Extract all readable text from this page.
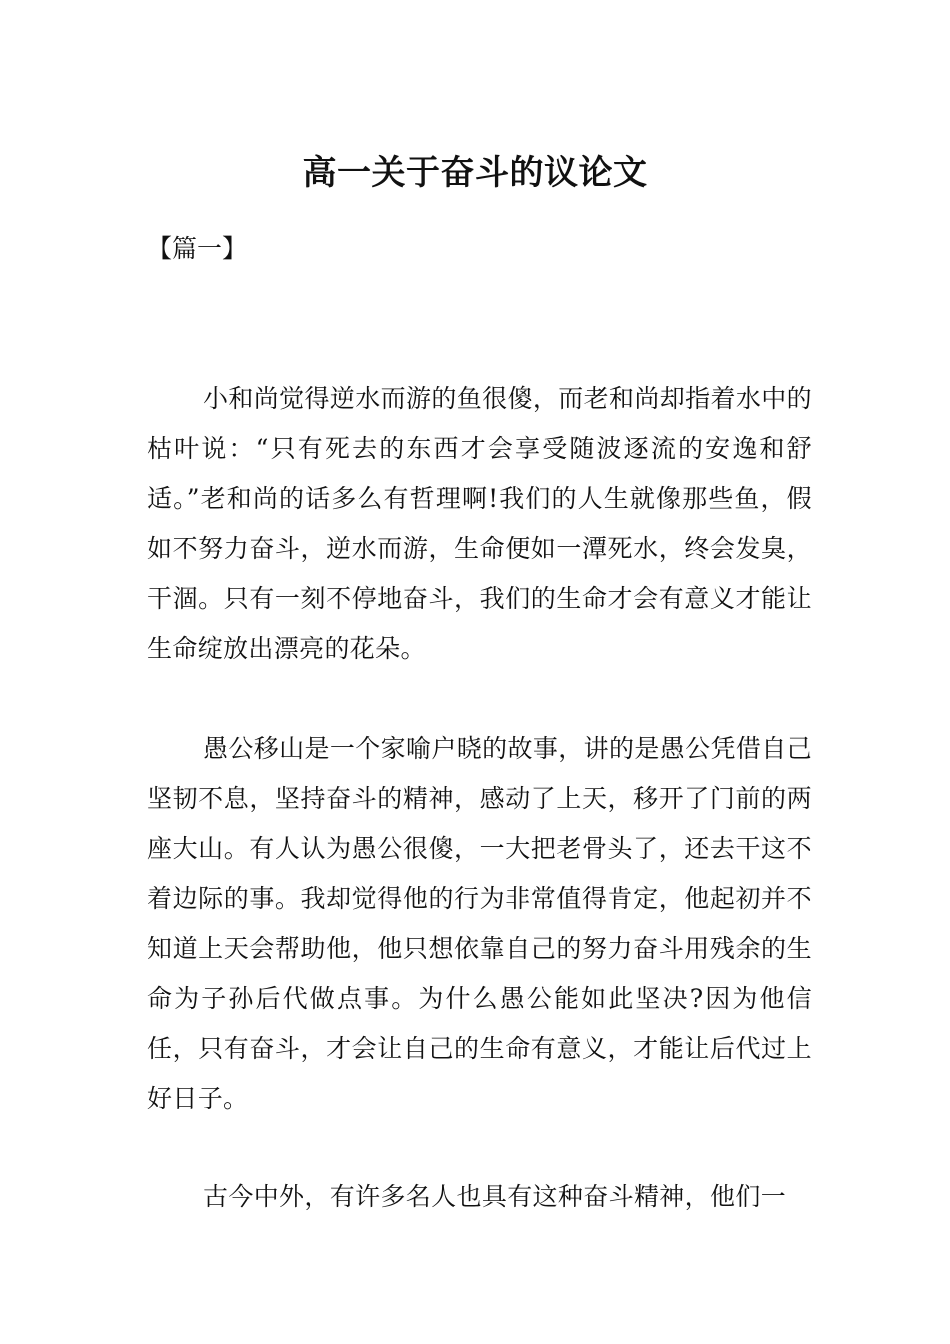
高一关于奋斗的议论文
【篇一】

小和尚觉得逆水而游的鱼很傻，而老和尚却指着水中的枯叶说：“只有死去的东西才会享受随波逐流的安逸和舒适。”老和尚的话多么有哲理啊!我们的人生就像那些鱼，假如不努力奋斗，逆水而游，生命便如一潭死水，终会发臭，干涸。只有一刻不停地奋斗，我们的生命才会有意义才能让生命绽放出漂亮的花朵。

愚公移山是一个家喻户晓的故事，讲的是愚公凭借自己坚韧不息，坚持奋斗的精神，感动了上天，移开了门前的两座大山。有人认为愚公很傻，一大把老骨头了，还去干这不着边际的事。我却觉得他的行为非常值得肯定，他起初并不知道上天会帮助他，他只想依靠自己的努力奋斗用残余的生命为子孙后代做点事。为什么愚公能如此坚决?因为他信任，只有奋斗，才会让自己的生命有意义，才能让后代过上好日子。

古今中外，有许多名人也具有这种奋斗精神，他们一
